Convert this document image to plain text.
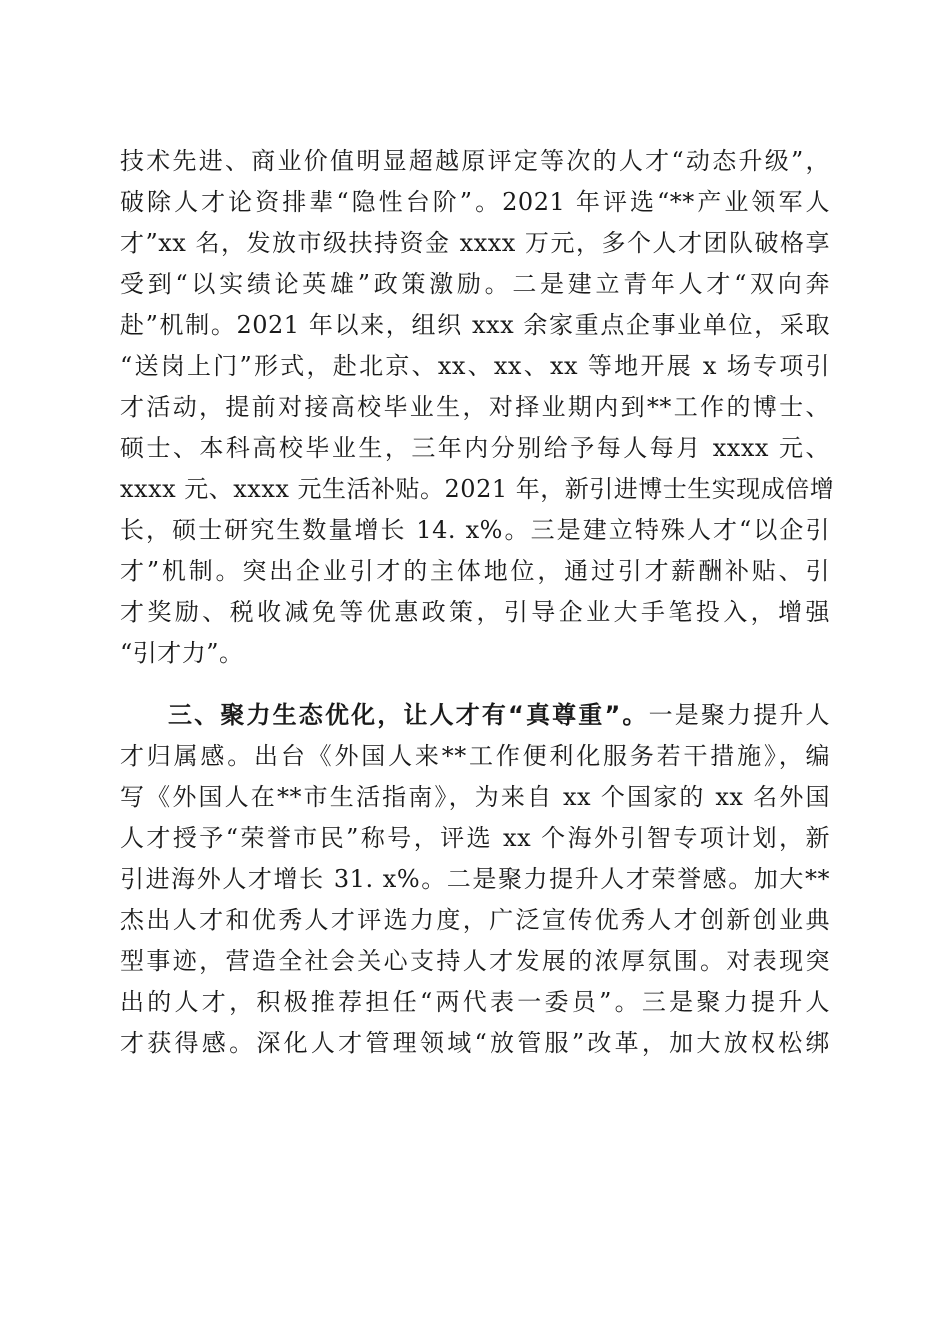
技术先进、商业价值明显超越原评定等次的人才“动态升级”，
破除人才论资排辈“隐性台阶”。2021 年评选“**产业领军人
才”xx 名，发放市级扶持资金 xxxx 万元，多个人才团队破格享
受到“以实绩论英雄”政策激励。二是建立青年人才“双向奔
赴”机制。2021 年以来，组织 xxx 余家重点企事业单位，采取
“送岗上门”形式，赴北京、xx、xx、xx 等地开展 x 场专项引
才活动，提前对接高校毕业生，对择业期内到**工作的博士、
硕士、本科高校毕业生，三年内分别给予每人每月 xxxx 元、
xxxx 元、xxxx 元生活补贴。2021 年，新引进博士生实现成倍增
长，硕士研究生数量增长 14. x%。三是建立特殊人才“以企引
才”机制。突出企业引才的主体地位，通过引才薪酬补贴、引
才奖励、税收减免等优惠政策，引导企业大手笔投入，增强
“引才力”。
三、聚力生态优化，让人才有“真尊重”。一是聚力提升人
才归属感。出台《外国人来**工作便利化服务若干措施》，编
写《外国人在**市生活指南》，为来自 xx 个国家的 xx 名外国
人才授予“荣誉市民”称号，评选 xx 个海外引智专项计划，新
引进海外人才增长 31. x%。二是聚力提升人才荣誉感。加大**
杰出人才和优秀人才评选力度，广泛宣传优秀人才创新创业典
型事迹，营造全社会关心支持人才发展的浓厚氛围。对表现突
出的人才，积极推荐担任“两代表一委员”。三是聚力提升人
才获得感。深化人才管理领域“放管服”改革，加大放权松绑
